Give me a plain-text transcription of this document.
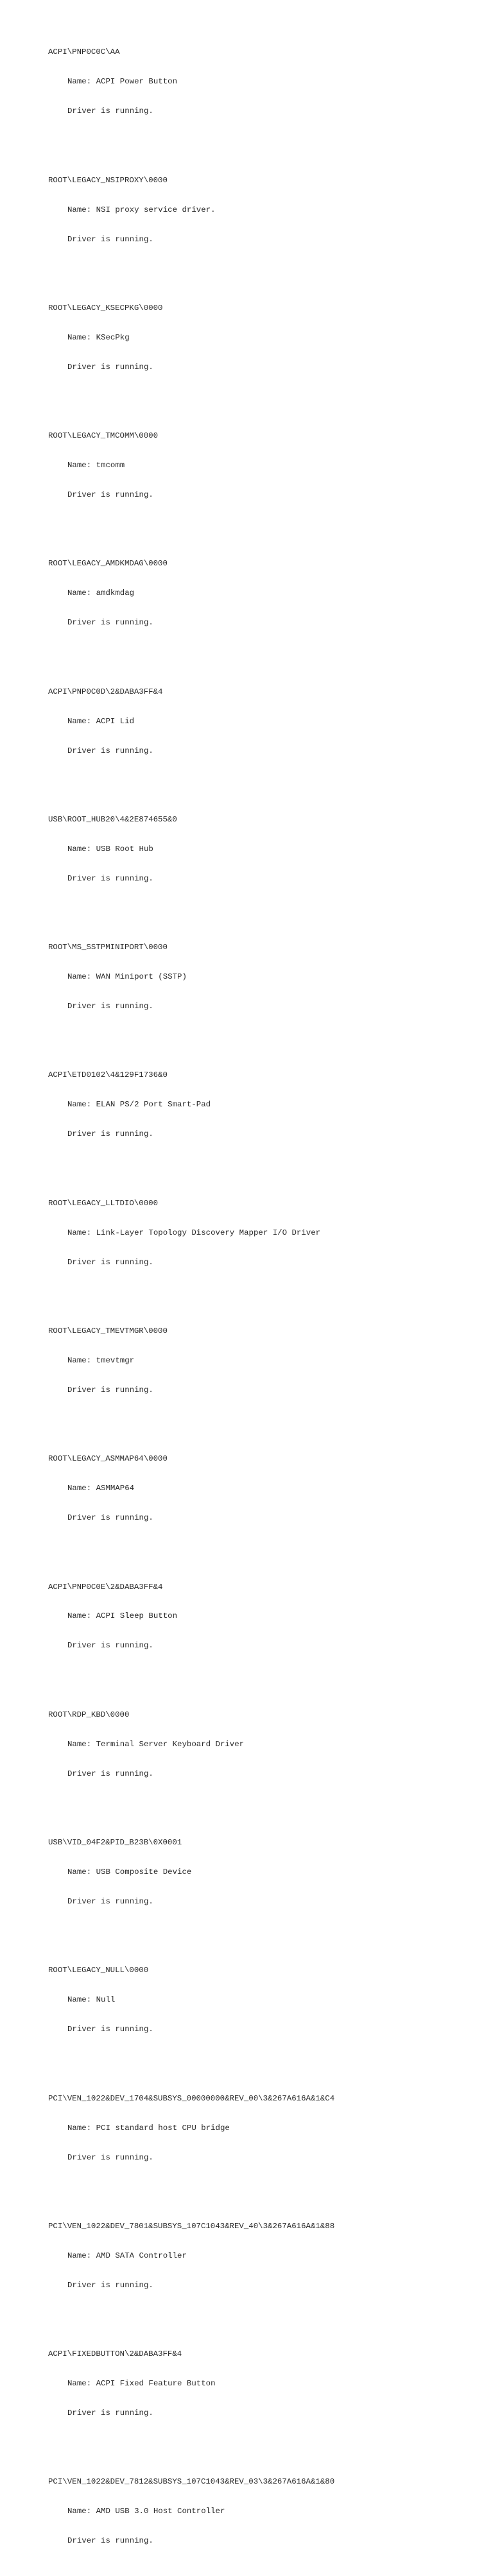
ACPI\PNP0C0C\AA

Name: ACPI Power Button

Driver is running.

ROOT\LEGACY_NSIPROXY\0000

Name: NSI proxy service driver.

Driver is running.

ROOT\LEGACY_KSECPKG\0000

Name: KSecPkg

Driver is running.

ROOT\LEGACY_TMCOMM\0000

Name: tmcomm

Driver is running.

ROOT\LEGACY_AMDKMDAG\0000

Name: amdkmdag

Driver is running.

ACPI\PNP0C0D\2&DABA3FF&4

Name: ACPI Lid

Driver is running.

USB\ROOT_HUB20\4&2E874655&0

Name: USB Root Hub

Driver is running.

ROOT\MS_SSTPMINIPORT\0000

Name: WAN Miniport (SSTP)

Driver is running.

ACPI\ETD0102\4&129F1736&0

Name: ELAN PS/2 Port Smart-Pad

Driver is running.

ROOT\LEGACY_LLTDIO\0000

Name: Link-Layer Topology Discovery Mapper I/O Driver

Driver is running.

ROOT\LEGACY_TMEVTMGR\0000

Name: tmevtmgr

Driver is running.

ROOT\LEGACY_ASMMAP64\0000

Name: ASMMAP64

Driver is running.

ACPI\PNP0C0E\2&DABA3FF&4

Name: ACPI Sleep Button

Driver is running.

ROOT\RDP_KBD\0000

Name: Terminal Server Keyboard Driver

Driver is running.

USB\VID_04F2&PID_B23B\0X0001

Name: USB Composite Device

Driver is running.

ROOT\LEGACY_NULL\0000

Name: Null

Driver is running.

PCI\VEN_1022&DEV_1704&SUBSYS_00000000&REV_00\3&267A616A&1&C4

Name: PCI standard host CPU bridge

Driver is running.

PCI\VEN_1022&DEV_7801&SUBSYS_107C1043&REV_40\3&267A616A&1&88

Name: AMD SATA Controller

Driver is running.

ACPI\FIXEDBUTTON\2&DABA3FF&4

Name: ACPI Fixed Feature Button

Driver is running.

PCI\VEN_1022&DEV_7812&SUBSYS_107C1043&REV_03\3&267A616A&1&80

Name: AMD USB 3.0 Host Controller

Driver is running.
